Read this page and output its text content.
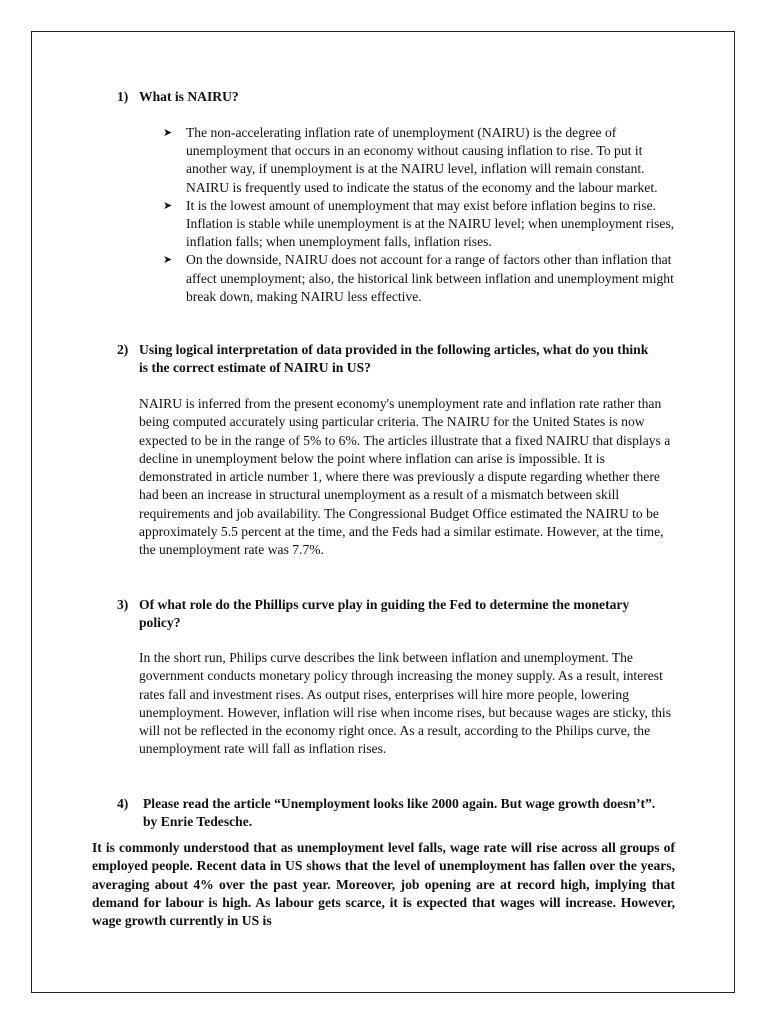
1) What is NAIRU?
➤ The non-accelerating inflation rate of unemployment (NAIRU) is the degree of unemployment that occurs in an economy without causing inflation to rise. To put it another way, if unemployment is at the NAIRU level, inflation will remain constant. NAIRU is frequently used to indicate the status of the economy and the labour market.
➤ It is the lowest amount of unemployment that may exist before inflation begins to rise. Inflation is stable while unemployment is at the NAIRU level; when unemployment rises, inflation falls; when unemployment falls, inflation rises.
➤ On the downside, NAIRU does not account for a range of factors other than inflation that affect unemployment; also, the historical link between inflation and unemployment might break down, making NAIRU less effective.
2) Using logical interpretation of data provided in the following articles, what do you think is the correct estimate of NAIRU in US?

NAIRU is inferred from the present economy's unemployment rate and inflation rate rather than being computed accurately using particular criteria. The NAIRU for the United States is now expected to be in the range of 5% to 6%. The articles illustrate that a fixed NAIRU that displays a decline in unemployment below the point where inflation can arise is impossible. It is demonstrated in article number 1, where there was previously a dispute regarding whether there had been an increase in structural unemployment as a result of a mismatch between skill requirements and job availability. The Congressional Budget Office estimated the NAIRU to be approximately 5.5 percent at the time, and the Feds had a similar estimate. However, at the time, the unemployment rate was 7.7%.

3) Of what role do the Phillips curve play in guiding the Fed to determine the monetary policy?

In the short run, Philips curve describes the link between inflation and unemployment. The government conducts monetary policy through increasing the money supply. As a result, interest rates fall and investment rises. As output rises, enterprises will hire more people, lowering unemployment. However, inflation will rise when income rises, but because wages are sticky, this will not be reflected in the economy right once. As a result, according to the Philips curve, the unemployment rate will fall as inflation rises.

4) Please read the article “Unemployment looks like 2000 again. But wage growth doesn’t”. by Enrie Tedesche.

It is commonly understood that as unemployment level falls, wage rate will rise across all groups of employed people. Recent data in US shows that the level of unemployment has fallen over the years, averaging about 4% over the past year. Moreover, job opening are at record high, implying that demand for labour is high. As labour gets scarce, it is expected that wages will increase. However, wage growth currently in US is
